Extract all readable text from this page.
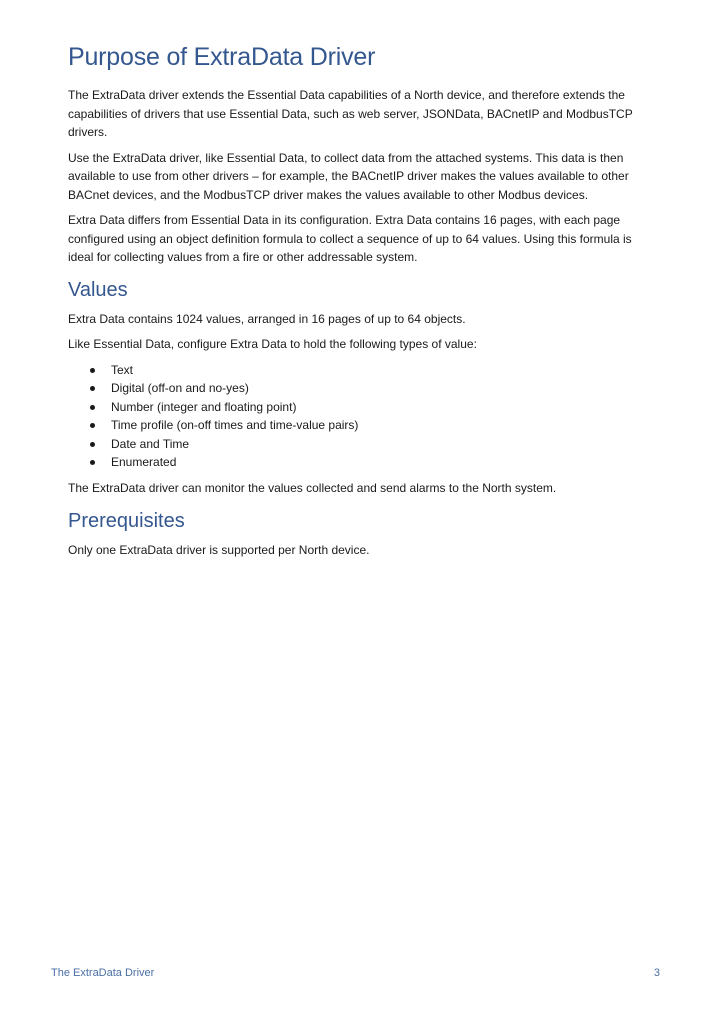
Purpose of ExtraData Driver

The ExtraData driver extends the Essential Data capabilities of a North device, and therefore extends the capabilities of drivers that use Essential Data, such as web server, JSONData, BACnetIP and ModbusTCP drivers.

Use the ExtraData driver, like Essential Data, to collect data from the attached systems. This data is then available to use from other drivers – for example, the BACnetIP driver makes the values available to other BACnet devices, and the ModbusTCP driver makes the values available to other Modbus devices.

Extra Data differs from Essential Data in its configuration. Extra Data contains 16 pages, with each page configured using an object definition formula to collect a sequence of up to 64 values. Using this formula is ideal for collecting values from a fire or other addressable system.

Values

Extra Data contains 1024 values, arranged in 16 pages of up to 64 objects.

Like Essential Data, configure Extra Data to hold the following types of value:

Text
Digital (off-on and no-yes)
Number (integer and floating point)
Time profile (on-off times and time-value pairs)
Date and Time
Enumerated

The ExtraData driver can monitor the values collected and send alarms to the North system.

Prerequisites

Only one ExtraData driver is supported per North device.

The ExtraData Driver	3
